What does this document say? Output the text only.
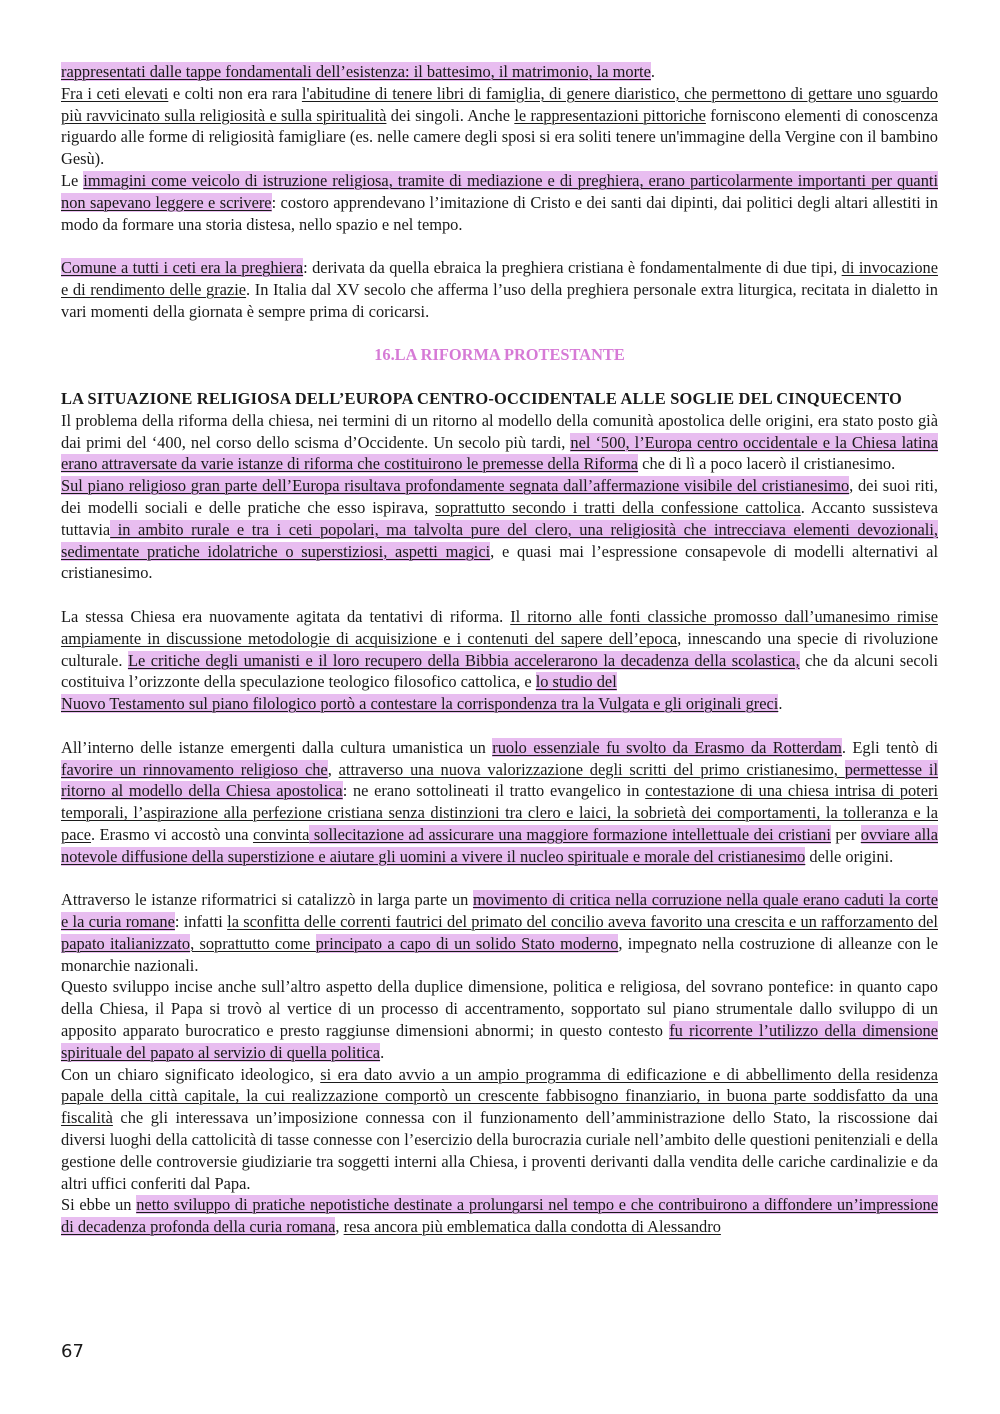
rappresentati dalle tappe fondamentali dell’esistenza: il battesimo, il matrimonio, la morte.

Fra i ceti elevati e colti non era rara l'abitudine di tenere libri di famiglia, di genere diaristico, che permettono di gettare uno sguardo più ravvicinato sulla religiosità e sulla spiritualità dei singoli. Anche le rappresentazioni pittoriche forniscono elementi di conoscenza riguardo alle forme di religiosità famigliare (es. nelle camere degli sposi si era soliti tenere un'immagine della Vergine con il bambino Gesù).

Le immagini come veicolo di istruzione religiosa, tramite di mediazione e di preghiera, erano particolarmente importanti per quanti non sapevano leggere e scrivere: costoro apprendevano l’imitazione di Cristo e dei santi dai dipinti, dai politici degli altari allestiti in modo da formare una storia distesa, nello spazio e nel tempo.

Comune a tutti i ceti era la preghiera: derivata da quella ebraica la preghiera cristiana è fondamentalmente di due tipi, di invocazione e di rendimento delle grazie. In Italia dal XV secolo che afferma l’uso della preghiera personale extra liturgica, recitata in dialetto in vari momenti della giornata è sempre prima di coricarsi.

16.LA RIFORMA PROTESTANTE
LA SITUAZIONE RELIGIOSA DELL’EUROPA CENTRO-OCCIDENTALE ALLE SOGLIE DEL CINQUECENTO

Il problema della riforma della chiesa, nei termini di un ritorno al modello della comunità apostolica delle origini, era stato posto già dai primi del ‘400, nel corso dello scisma d’Occidente. Un secolo più tardi, nel ‘500, l’Europa centro occidentale e la Chiesa latina erano attraversate da varie istanze di riforma che costituirono le premesse della Riforma che di lì a poco lacerò il cristianesimo.

Sul piano religioso gran parte dell’Europa risultava profondamente segnata dall’affermazione visibile del cristianesimo, dei suoi riti, dei modelli sociali e delle pratiche che esso ispirava, soprattutto secondo i tratti della confessione cattolica. Accanto sussisteva tuttavia in ambito rurale e tra i ceti popolari, ma talvolta pure del clero, una religiosità che intrecciava elementi devozionali, sedimentate pratiche idolatriche o superstiziosi, aspetti magici, e quasi mai l’espressione consapevole di modelli alternativi al cristianesimo.

La stessa Chiesa era nuovamente agitata da tentativi di riforma. Il ritorno alle fonti classiche promosso dall’umanesimo rimise ampiamente in discussione metodologie di acquisizione e i contenuti del sapere dell’epoca, innescando una specie di rivoluzione culturale. Le critiche degli umanisti e il loro recupero della Bibbia accelerarono la decadenza della scolastica, che da alcuni secoli costituiva l’orizzonte della speculazione teologico filosofico cattolica, e lo studio del
Nuovo Testamento sul piano filologico portò a contestare la corrispondenza tra la Vulgata e gli originali greci.

All’interno delle istanze emergenti dalla cultura umanistica un ruolo essenziale fu svolto da Erasmo da Rotterdam. Egli tentò di favorire un rinnovamento religioso che, attraverso una nuova valorizzazione degli scritti del primo cristianesimo, permettesse il ritorno al modello della Chiesa apostolica: ne erano sottolineati il tratto evangelico in contestazione di una chiesa intrisa di poteri temporali, l’aspirazione alla perfezione cristiana senza distinzioni tra clero e laici, la sobrietà dei comportamenti, la tolleranza e la pace. Erasmo vi accostò una convinta sollecitazione ad assicurare una maggiore formazione intellettuale dei cristiani per ovviare alla notevole diffusione della superstizione e aiutare gli uomini a vivere il nucleo spirituale e morale del cristianesimo delle origini.

Attraverso le istanze riformatrici si catalizzò in larga parte un movimento di critica nella corruzione nella quale erano caduti la corte e la curia romane: infatti la sconfitta delle correnti fautrici del primato del concilio aveva favorito una crescita e un rafforzamento del papato italianizzato, soprattutto come principato a capo di un solido Stato moderno, impegnato nella costruzione di alleanze con le monarchie nazionali.

Questo sviluppo incise anche sull’altro aspetto della duplice dimensione, politica e religiosa, del sovrano pontefice: in quanto capo della Chiesa, il Papa si trovò al vertice di un processo di accentramento, sopportato sul piano strumentale dallo sviluppo di un apposito apparato burocratico e presto raggiunse dimensioni abnormi; in questo contesto fu ricorrente l’utilizzo della dimensione spirituale del papato al servizio di quella politica.

Con un chiaro significato ideologico, si era dato avvio a un ampio programma di edificazione e di abbellimento della residenza papale della città capitale, la cui realizzazione comportò un crescente fabbisogno finanziario, in buona parte soddisfatto da una fiscalità che gli interessava un’imposizione connessa con il funzionamento dell’amministrazione dello Stato, la riscossione dai diversi luoghi della cattolicità di tasse connesse con l’esercizio della burocrazia curiale nell’ambito delle questioni penitenziali e della gestione delle controversie giudiziarie tra soggetti interni alla Chiesa, i proventi derivanti dalla vendita delle cariche cardinalizie e da altri uffici conferiti dal Papa.

Si ebbe un netto sviluppo di pratiche nepotistiche destinate a prolungarsi nel tempo e che contribuirono a diffondere un’impressione di decadenza profonda della curia romana, resa ancora più emblematica dalla condotta di Alessandro

67
